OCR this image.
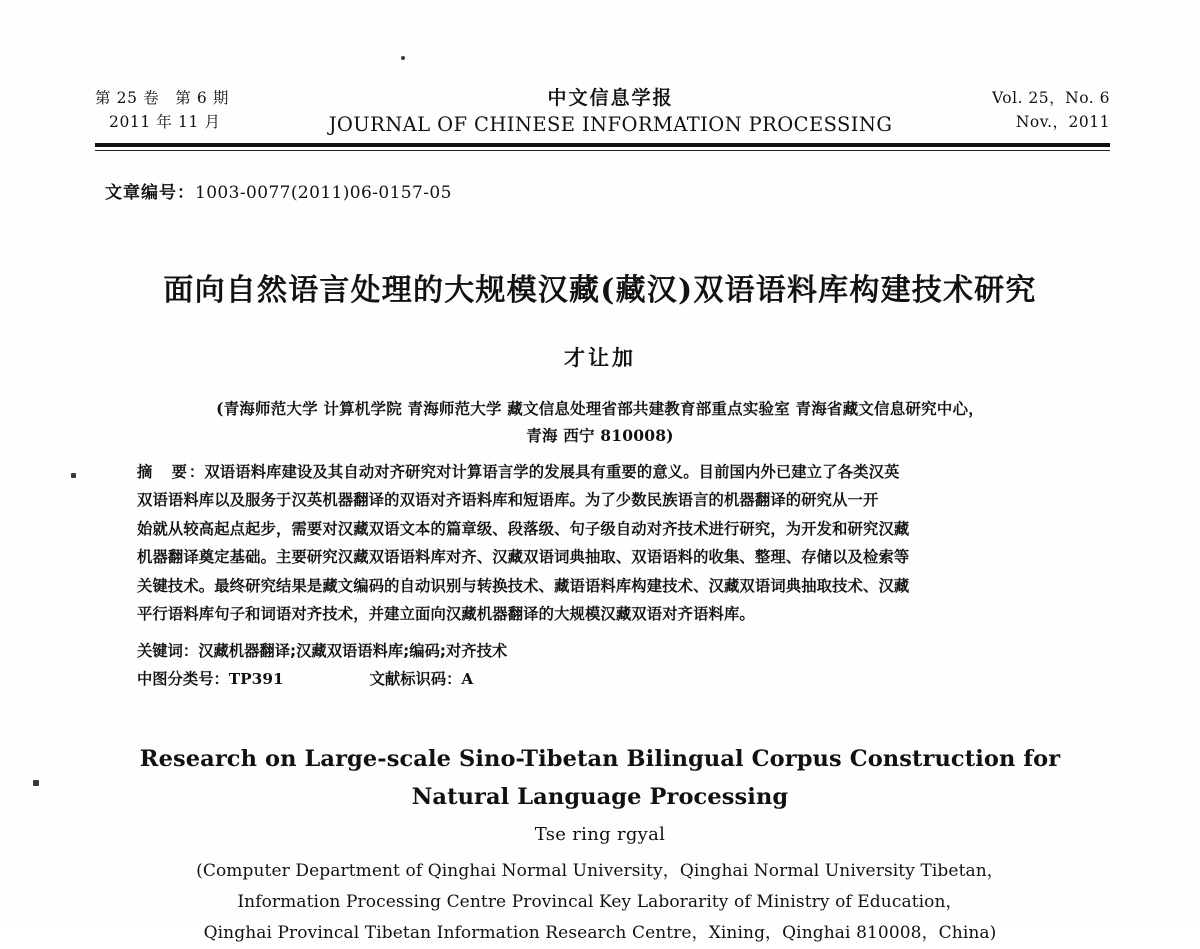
第 25 卷　第 6 期
2011 年 11 月
中文信息学报
JOURNAL OF CHINESE INFORMATION PROCESSING
Vol. 25，No. 6
Nov.，2011
文章编号：1003-0077(2011)06-0157-05
面向自然语言处理的大规模汉藏(藏汉)双语语料库构建技术研究
才让加
(青海师范大学 计算机学院 青海师范大学 藏文信息处理省部共建教育部重点实验室 青海省藏文信息研究中心，
青海 西宁 810008)
摘　要：双语语料库建设及其自动对齐研究对计算语言学的发展具有重要的意义。目前国内外已建立了各类汉英
双语语料库以及服务于汉英机器翻译的双语对齐语料库和短语库。为了少数民族语言的机器翻译的研究从一开
始就从较高起点起步，需要对汉藏双语文本的篇章级、段落级、句子级自动对齐技术进行研究，为开发和研究汉藏
机器翻译奠定基础。主要研究汉藏双语语料库对齐、汉藏双语词典抽取、双语语料的收集、整理、存储以及检索等
关键技术。最终研究结果是藏文编码的自动识别与转换技术、藏语语料库构建技术、汉藏双语词典抽取技术、汉藏
平行语料库句子和词语对齐技术，并建立面向汉藏机器翻译的大规模汉藏双语对齐语料库。
关键词：汉藏机器翻译;汉藏双语语料库;编码;对齐技术
中图分类号：TP391	文献标识码：A
Research on Large-scale Sino-Tibetan Bilingual Corpus Construction for
Natural Language Processing
Tse ring rgyal
(Computer Department of Qinghai Normal University，Qinghai Normal University Tibetan，
Information Processing Centre Provincal Key Laborarity of Ministry of Education，
Qinghai Provincal Tibetan Information Research Centre，Xining，Qinghai 810008，China)
